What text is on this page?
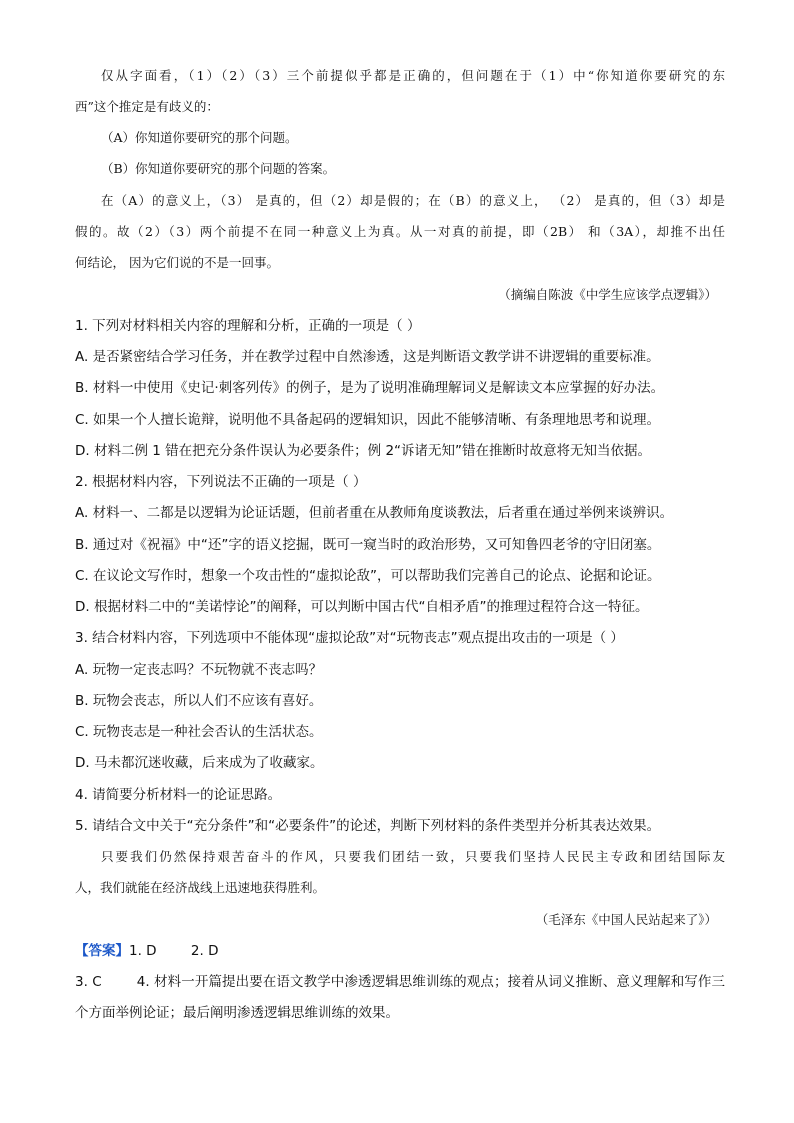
仅从字面看，（1）（2）（3）三个前提似乎都是正确的，但问题在于（1）中“你知道你要研究的东
西”这个推定是有歧义的：
（A）你知道你要研究的那个问题。
（B）你知道你要研究的那个问题的答案。
在（A）的意义上，（3） 是真的，但（2）却是假的；在（B）的意义上， （2） 是真的，但（3）却是
假的。故（2）（3）两个前提不在同一种意义上为真。从一对真的前提，即（2B） 和（3A），却推不出任
何结论， 因为它们说的不是一回事。
（摘编自陈波《中学生应该学点逻辑》）
1. 下列对材料相关内容的理解和分析，正确的一项是（ ）
A. 是否紧密结合学习任务，并在教学过程中自然渗透，这是判断语文教学讲不讲逻辑的重要标准。
B. 材料一中使用《史记·刺客列传》的例子，是为了说明准确理解词义是解读文本应掌握的好办法。
C. 如果一个人擅长诡辩，说明他不具备起码的逻辑知识，因此不能够清晰、有条理地思考和说理。
D. 材料二例 1 错在把充分条件误认为必要条件；例 2“诉诸无知”错在推断时故意将无知当依据。
2. 根据材料内容，下列说法不正确的一项是（ ）
A. 材料一、二都是以逻辑为论证话题，但前者重在从教师角度谈教法，后者重在通过举例来谈辨识。
B. 通过对《祝福》中“还”字的语义挖掘，既可一窥当时的政治形势，又可知鲁四老爷的守旧闭塞。
C. 在议论文写作时，想象一个攻击性的“虚拟论敌”，可以帮助我们完善自己的论点、论据和论证。
D. 根据材料二中的“美诺悖论”的阐释，可以判断中国古代“自相矛盾”的推理过程符合这一特征。
3. 结合材料内容，下列选项中不能体现“虚拟论敌”对“玩物丧志”观点提出攻击的一项是（ ）
A. 玩物一定丧志吗？不玩物就不丧志吗？
B. 玩物会丧志，所以人们不应该有喜好。
C. 玩物丧志是一种社会否认的生活状态。
D. 马未都沉迷收藏，后来成为了收藏家。
4. 请简要分析材料一的论证思路。
5. 请结合文中关于“充分条件”和“必要条件”的论述，判断下列材料的条件类型并分析其表达效果。
只要我们仍然保持艰苦奋斗的作风，只要我们团结一致，只要我们坚持人民民主专政和团结国际友
人，我们就能在经济战线上迅速地获得胜利。
（毛泽东《中国人民站起来了》）
【答案】1. D        2. D
3. C        4. 材料一开篇提出要在语文教学中渗透逻辑思维训练的观点；接着从词义推断、意义理解和写作三
个方面举例论证；最后阐明渗透逻辑思维训练的效果。
